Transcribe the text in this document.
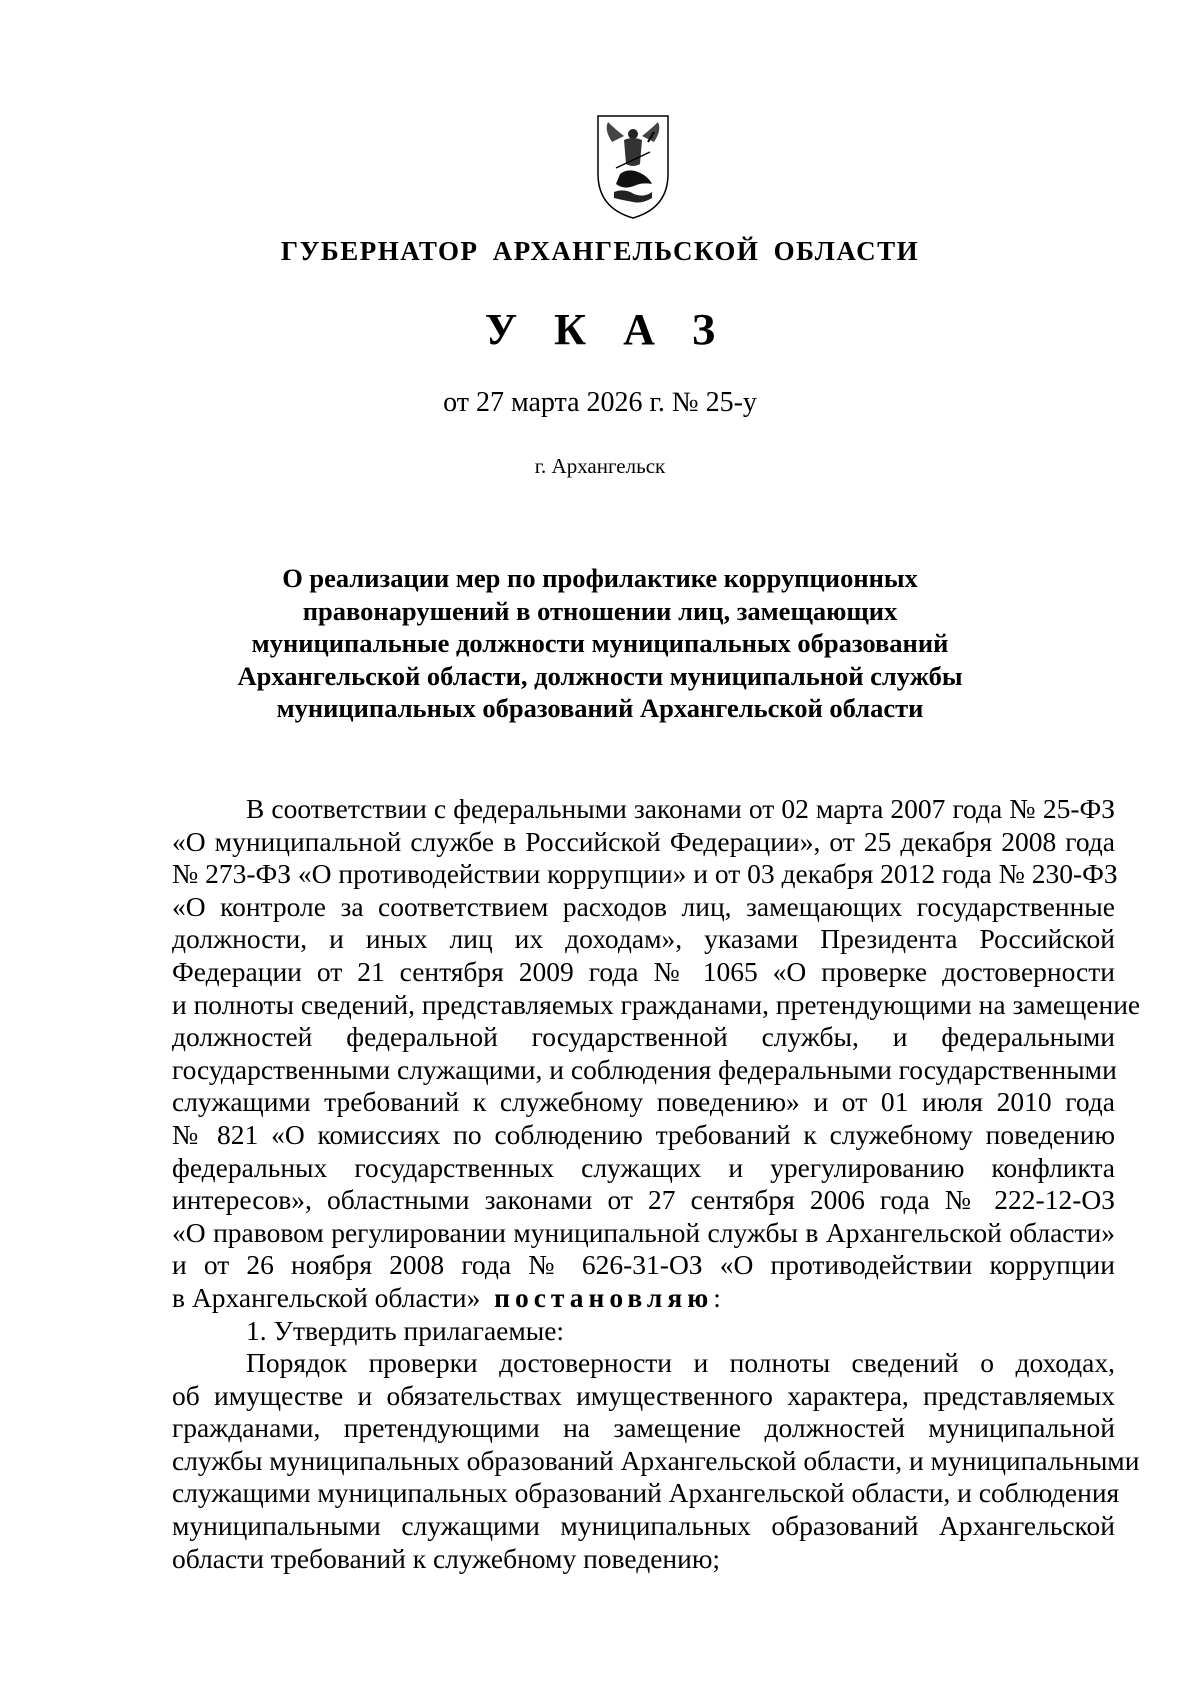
ГУБЕРНАТОР АРХАНГЕЛЬСКОЙ ОБЛАСТИ
У К А З
от 27 марта 2026 г. № 25-у
г. Архангельск
О реализации мер по профилактике коррупционных
правонарушений в отношении лиц, замещающих
муниципальные должности муниципальных образований
Архангельской области, должности муниципальной службы
муниципальных образований Архангельской области
В соответствии с федеральными законами от 02 марта 2007 года № 25-ФЗ
«О муниципальной службе в Российской Федерации», от 25 декабря 2008 года
№ 273-ФЗ «О противодействии коррупции» и от 03 декабря 2012 года № 230-ФЗ
«О контроле за соответствием расходов лиц, замещающих государственные
должности, и иных лиц их доходам», указами Президента Российской
Федерации от 21 сентября 2009 года № 1065 «О проверке достоверности
и полноты сведений, представляемых гражданами, претендующими на замещение
должностей федеральной государственной службы, и федеральными
государственными служащими, и соблюдения федеральными государственными
служащими требований к служебному поведению» и от 01 июля 2010 года
№ 821 «О комиссиях по соблюдению требований к служебному поведению
федеральных государственных служащих и урегулированию конфликта
интересов», областными законами от 27 сентября 2006 года № 222-12-ОЗ
«О правовом регулировании муниципальной службы в Архангельской области»
и от 26 ноября 2008 года № 626-31-ОЗ «О противодействии коррупции
в Архангельской области» постановляю:
1. Утвердить прилагаемые:
Порядок проверки достоверности и полноты сведений о доходах,
об имуществе и обязательствах имущественного характера, представляемых
гражданами, претендующими на замещение должностей муниципальной
службы муниципальных образований Архангельской области, и муниципальными
служащими муниципальных образований Архангельской области, и соблюдения
муниципальными служащими муниципальных образований Архангельской
области требований к служебному поведению;
